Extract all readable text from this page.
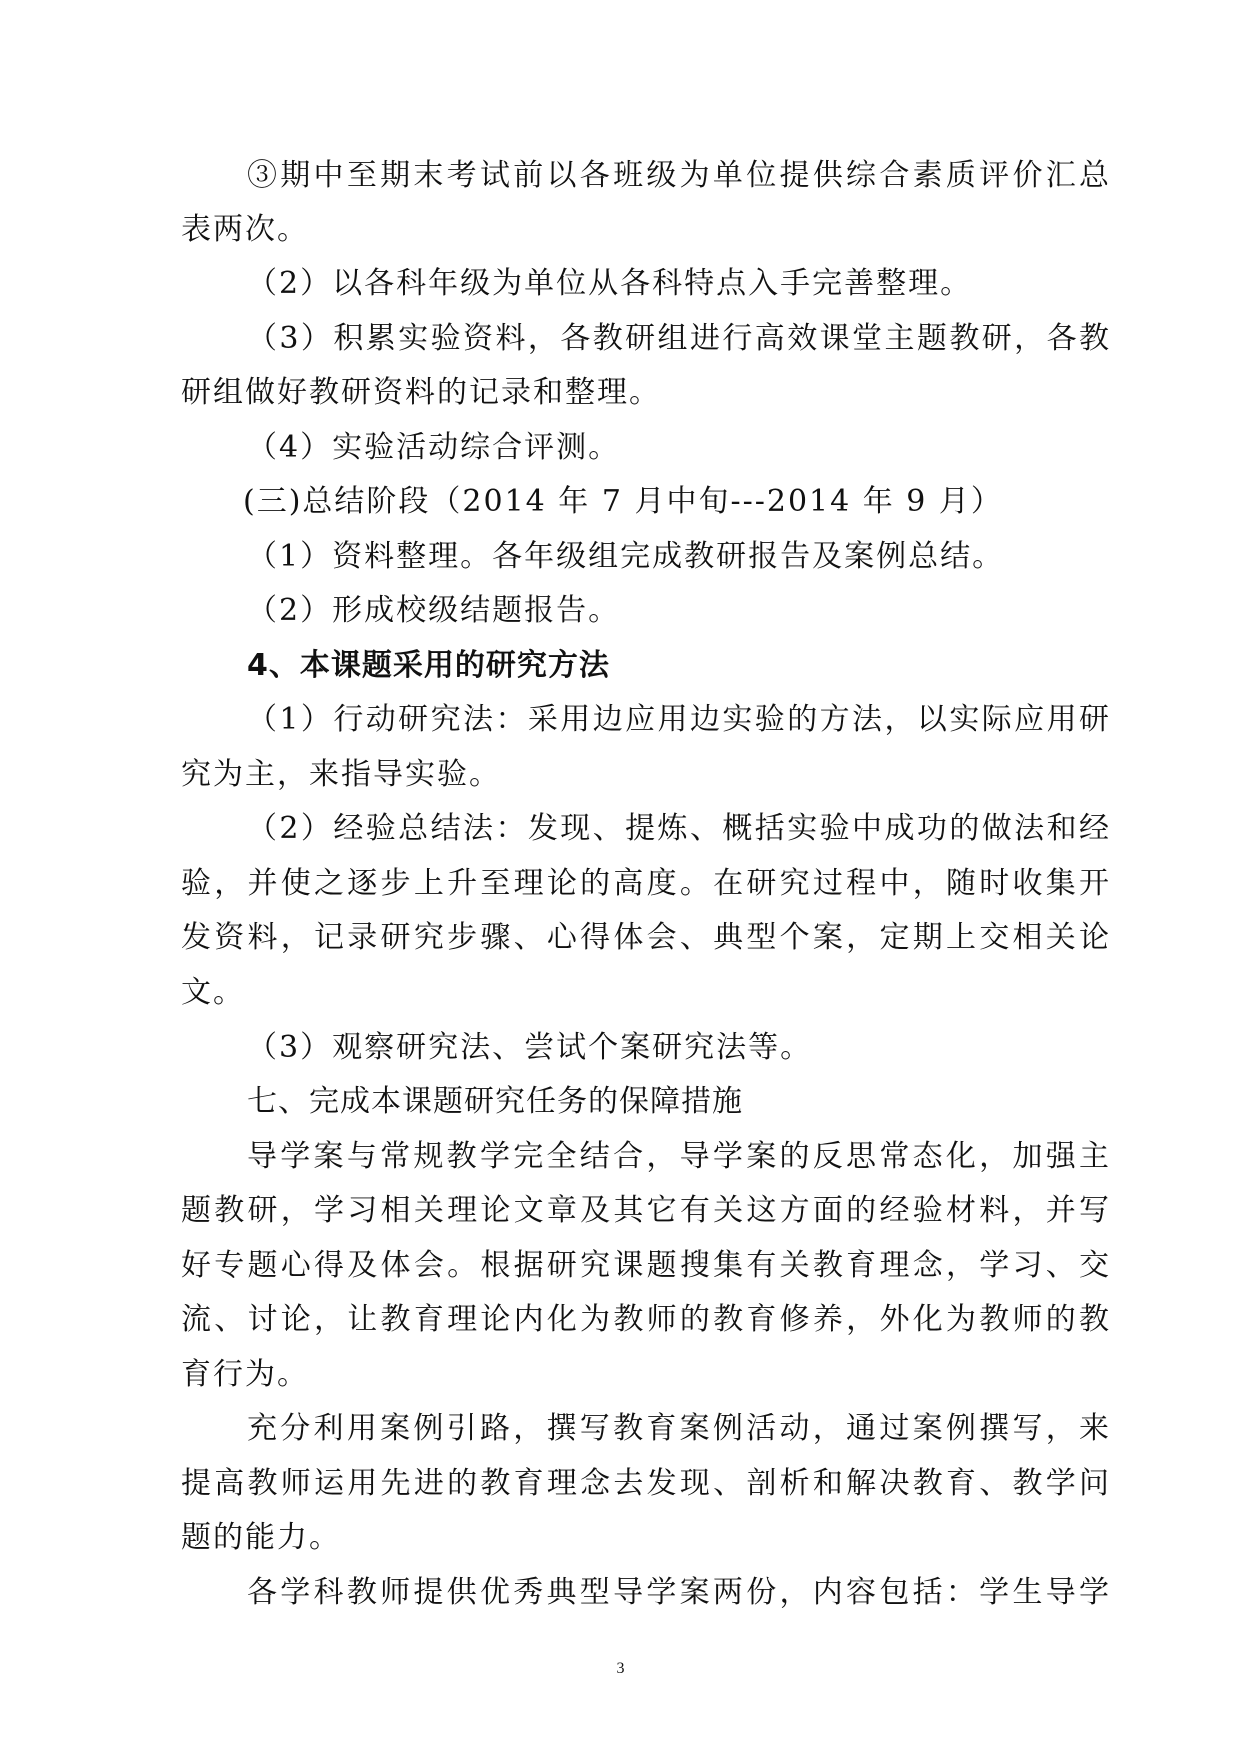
③期中至期末考试前以各班级为单位提供综合素质评价汇总
表两次。
（2）以各科年级为单位从各科特点入手完善整理。
（3）积累实验资料，各教研组进行高效课堂主题教研，各教
研组做好教研资料的记录和整理。
（4）实验活动综合评测。
(三)总结阶段（2014 年 7 月中旬---2014 年 9 月）
（1）资料整理。各年级组完成教研报告及案例总结。
（2）形成校级结题报告。
4、本课题采用的研究方法
（1）行动研究法：采用边应用边实验的方法，以实际应用研
究为主，来指导实验。
（2）经验总结法：发现、提炼、概括实验中成功的做法和经
验，并使之逐步上升至理论的高度。在研究过程中，随时收集开
发资料，记录研究步骤、心得体会、典型个案，定期上交相关论
文。
（3）观察研究法、尝试个案研究法等。
七、完成本课题研究任务的保障措施
导学案与常规教学完全结合，导学案的反思常态化，加强主
题教研，学习相关理论文章及其它有关这方面的经验材料，并写
好专题心得及体会。根据研究课题搜集有关教育理念，学习、交
流、讨论，让教育理论内化为教师的教育修养，外化为教师的教
育行为。
充分利用案例引路，撰写教育案例活动，通过案例撰写，来
提高教师运用先进的教育理念去发现、剖析和解决教育、教学问
题的能力。
各学科教师提供优秀典型导学案两份，内容包括：学生导学
3
